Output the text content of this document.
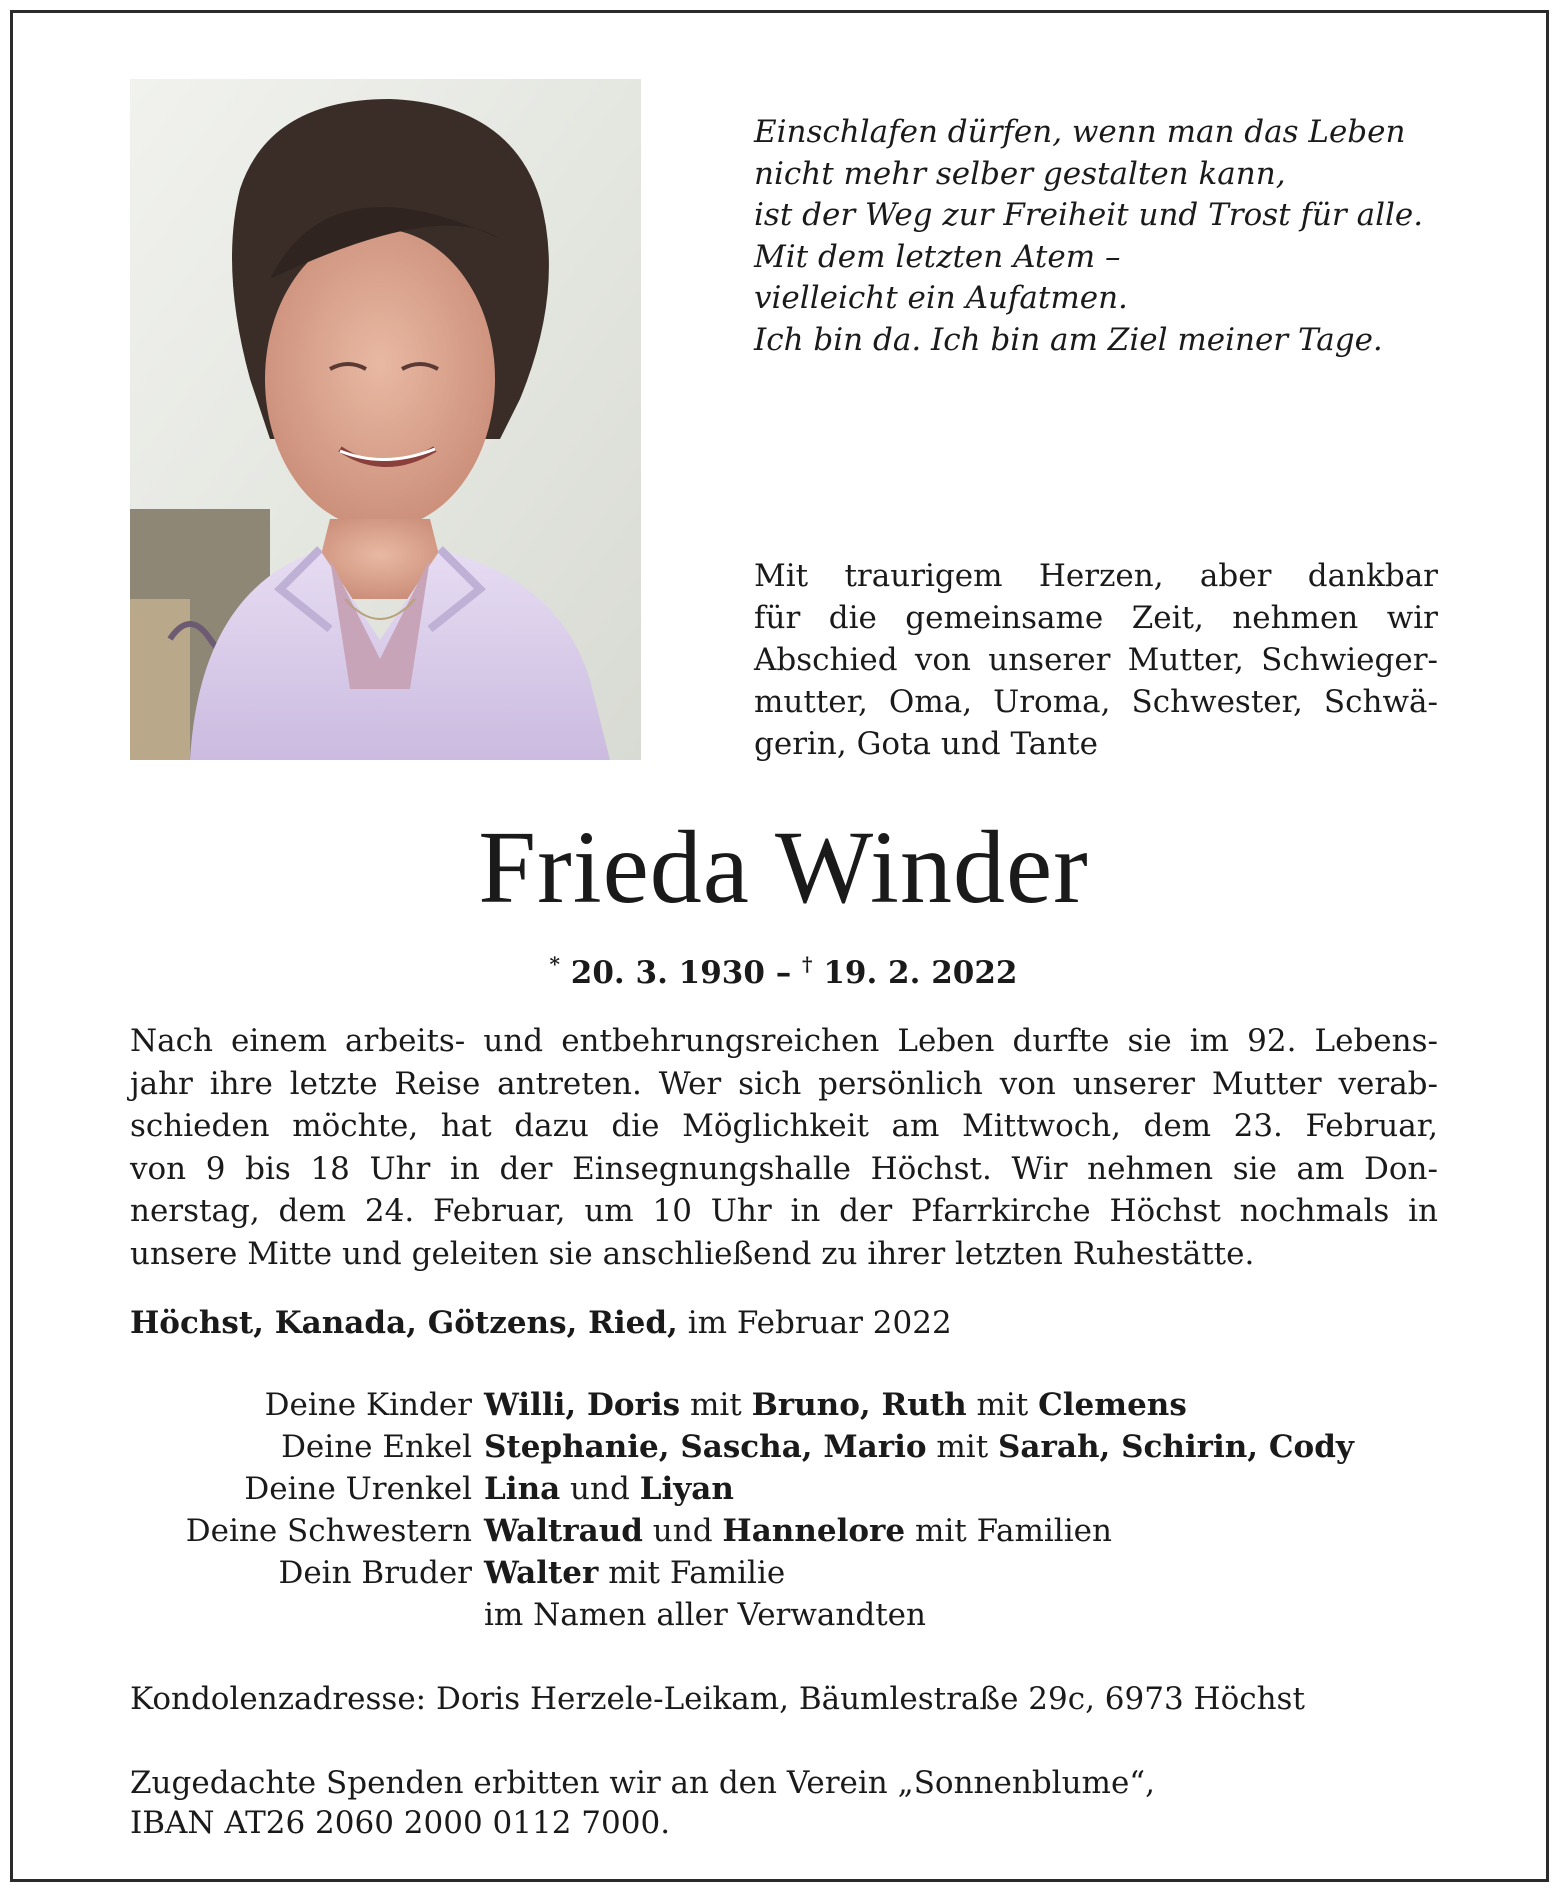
Einschlafen dürfen, wenn man das Leben
nicht mehr selber gestalten kann,
ist der Weg zur Freiheit und Trost für alle.
Mit dem letzten Atem –
vielleicht ein Aufatmen.
Ich bin da. Ich bin am Ziel meiner Tage.
Mit traurigem Herzen, aber dankbar
für die gemeinsame Zeit, nehmen wir
Abschied von unserer Mutter, Schwieger-
mutter, Oma, Uroma, Schwester, Schwä-
gerin, Gota und Tante
Frieda Winder
* 20. 3. 1930 – † 19. 2. 2022
Nach einem arbeits- und entbehrungsreichen Leben durfte sie im 92. Lebens-
jahr ihre letzte Reise antreten. Wer sich persönlich von unserer Mutter verab-
schieden möchte, hat dazu die Möglichkeit am Mittwoch, dem 23. Februar,
von 9 bis 18 Uhr in der Einsegnungshalle Höchst. Wir nehmen sie am Don-
nerstag, dem 24. Februar, um 10 Uhr in der Pfarrkirche Höchst nochmals in
unsere Mitte und geleiten sie anschließend zu ihrer letzten Ruhestätte.
Höchst, Kanada, Götzens, Ried, im Februar 2022
Deine Kinder Willi, Doris mit Bruno, Ruth mit Clemens
Deine Enkel Stephanie, Sascha, Mario mit Sarah, Schirin, Cody
Deine Urenkel Lina und Liyan
Deine Schwestern Waltraud und Hannelore mit Familien
Dein Bruder Walter mit Familie
im Namen aller Verwandten
Kondolenzadresse: Doris Herzele-Leikam, Bäumlestraße 29c, 6973 Höchst
Zugedachte Spenden erbitten wir an den Verein „Sonnenblume“,
IBAN AT26 2060 2000 0112 7000.
